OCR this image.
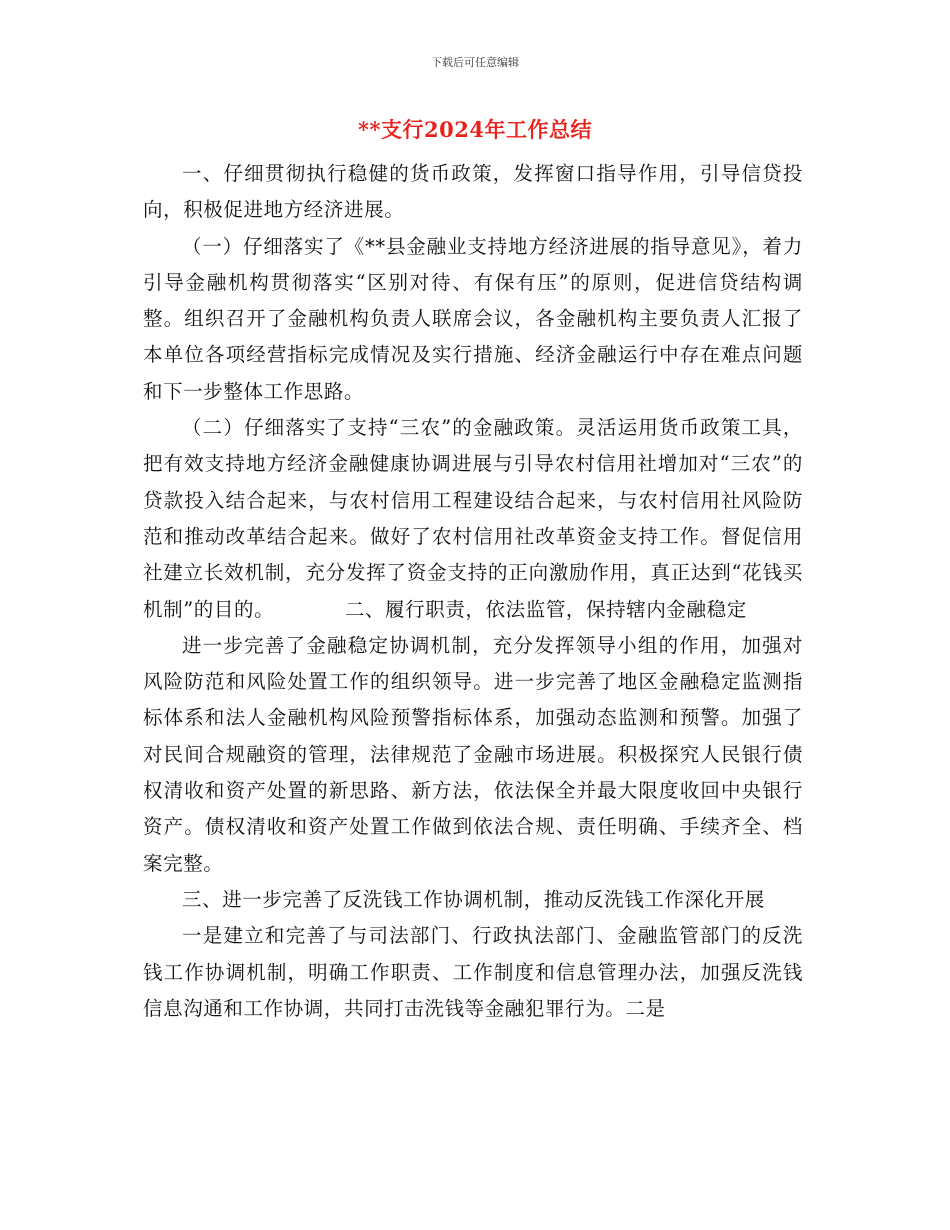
下载后可任意编辑
**支行2024年工作总结

一、仔细贯彻执行稳健的货币政策，发挥窗口指导作用，引导信贷投向，积极促进地方经济进展。

（一）仔细落实了《**县金融业支持地方经济进展的指导意见》，着力引导金融机构贯彻落实“区别对待、有保有压”的原则，促进信贷结构调整。组织召开了金融机构负责人联席会议，各金融机构主要负责人汇报了本单位各项经营指标完成情况及实行措施、经济金融运行中存在难点问题和下一步整体工作思路。

（二）仔细落实了支持“三农”的金融政策。灵活运用货币政策工具，把有效支持地方经济金融健康协调进展与引导农村信用社增加对“三农”的贷款投入结合起来，与农村信用工程建设结合起来，与农村信用社风险防范和推动改革结合起来。做好了农村信用社改革资金支持工作。督促信用社建立长效机制，充分发挥了资金支持的正向激励作用，真正达到“花钱买机制”的目的。　　　　二、履行职责，依法监管，保持辖内金融稳定

进一步完善了金融稳定协调机制，充分发挥领导小组的作用，加强对风险防范和风险处置工作的组织领导。进一步完善了地区金融稳定监测指标体系和法人金融机构风险预警指标体系，加强动态监测和预警。加强了对民间合规融资的管理，法律规范了金融市场进展。积极探究人民银行债权清收和资产处置的新思路、新方法，依法保全并最大限度收回中央银行资产。债权清收和资产处置工作做到依法合规、责任明确、手续齐全、档案完整。

三、进一步完善了反洗钱工作协调机制，推动反洗钱工作深化开展

一是建立和完善了与司法部门、行政执法部门、金融监管部门的反洗钱工作协调机制，明确工作职责、工作制度和信息管理办法，加强反洗钱信息沟通和工作协调，共同打击洗钱等金融犯罪行为。二是
